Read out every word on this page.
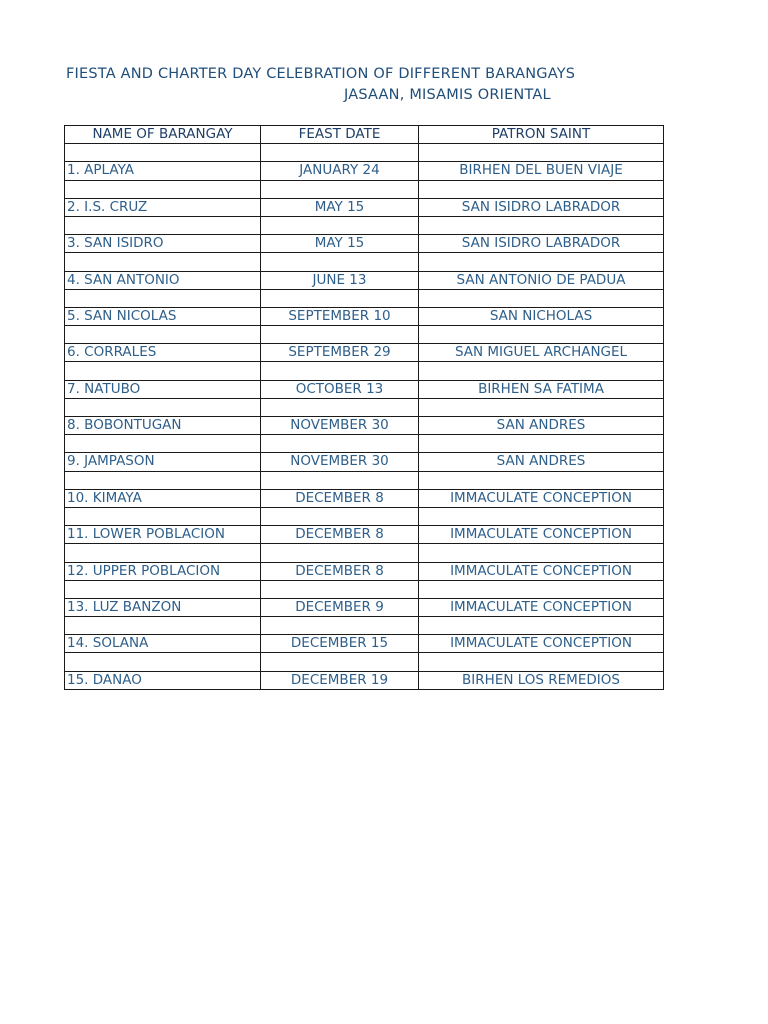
FIESTA AND CHARTER DAY CELEBRATION OF DIFFERENT BARANGAYS
JASAAN, MISAMIS ORIENTAL
NAME OF BARANGAY	FEAST DATE	PATRON SAINT

1. APLAYA	JANUARY 24	BIRHEN DEL BUEN VIAJE

2. I.S. CRUZ	MAY 15	SAN ISIDRO LABRADOR

3. SAN ISIDRO	MAY 15	SAN ISIDRO LABRADOR

4. SAN ANTONIO	JUNE 13	SAN ANTONIO DE PADUA

5. SAN NICOLAS	SEPTEMBER 10	SAN NICHOLAS

6. CORRALES	SEPTEMBER 29	SAN MIGUEL ARCHANGEL

7. NATUBO	OCTOBER 13	BIRHEN SA FATIMA

8. BOBONTUGAN	NOVEMBER 30	SAN ANDRES

9. JAMPASON	NOVEMBER 30	SAN ANDRES

10. KIMAYA	DECEMBER 8	IMMACULATE CONCEPTION

11. LOWER POBLACION	DECEMBER 8	IMMACULATE CONCEPTION

12. UPPER POBLACION	DECEMBER 8	IMMACULATE CONCEPTION

13. LUZ BANZON	DECEMBER 9	IMMACULATE CONCEPTION

14. SOLANA	DECEMBER 15	IMMACULATE CONCEPTION

15. DANAO	DECEMBER 19	BIRHEN LOS REMEDIOS
